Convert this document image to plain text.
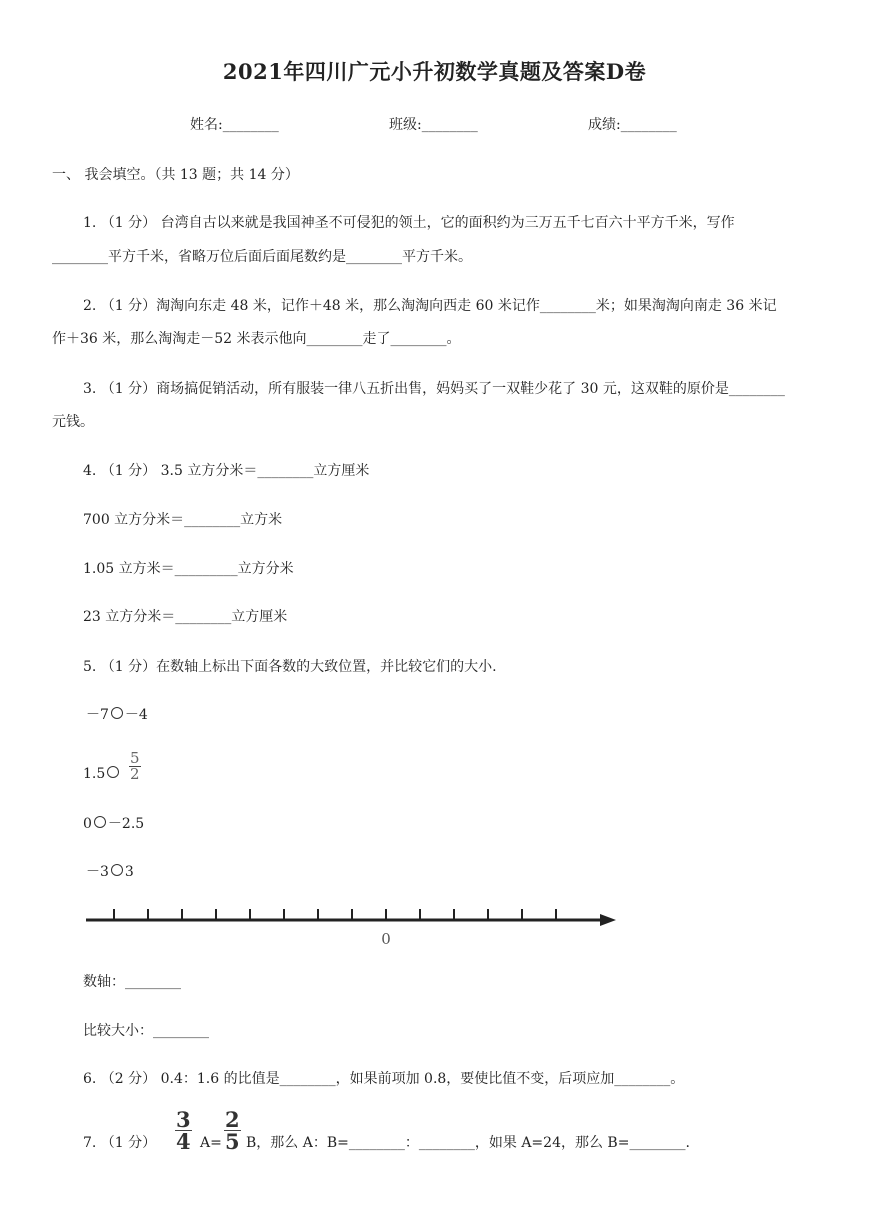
2021年四川广元小升初数学真题及答案D卷
姓名:________	班级:________	成绩:________
一、 我会填空。（共 13 题；共 14 分）
1. （1 分） 台湾自古以来就是我国神圣不可侵犯的领土，它的面积约为三万五千七百六十平方千米，写作
________平方千米，省略万位后面后面尾数约是________平方千米。
2. （1 分）淘淘向东走 48 米，记作＋48 米，那么淘淘向西走 60 米记作________米；如果淘淘向南走 36 米记
作＋36 米，那么淘淘走－52 米表示他向________走了________。
3. （1 分）商场搞促销活动，所有服装一律八五折出售，妈妈买了一双鞋少花了 30 元，这双鞋的原价是________
元钱。
4. （1 分） 3.5 立方分米＝________立方厘米
700 立方分米＝________立方米
1.05 立方米＝_________立方分米
23 立方分米＝________立方厘米
5. （1 分）在数轴上标出下面各数的大致位置，并比较它们的大小.
－7 －4
1.5	$\frac{5}{2}$
0 －2.5
－3 3
0
数轴：________
比较大小：________
6. （2 分） 0.4：1.6 的比值是________，如果前项加 0.8，要使比值不变，后项应加________。
7. （1 分） $\frac{3}{4} A= \frac{2}{5}$ B，那么 A：B=________：________，如果 A=24，那么 B=________.
